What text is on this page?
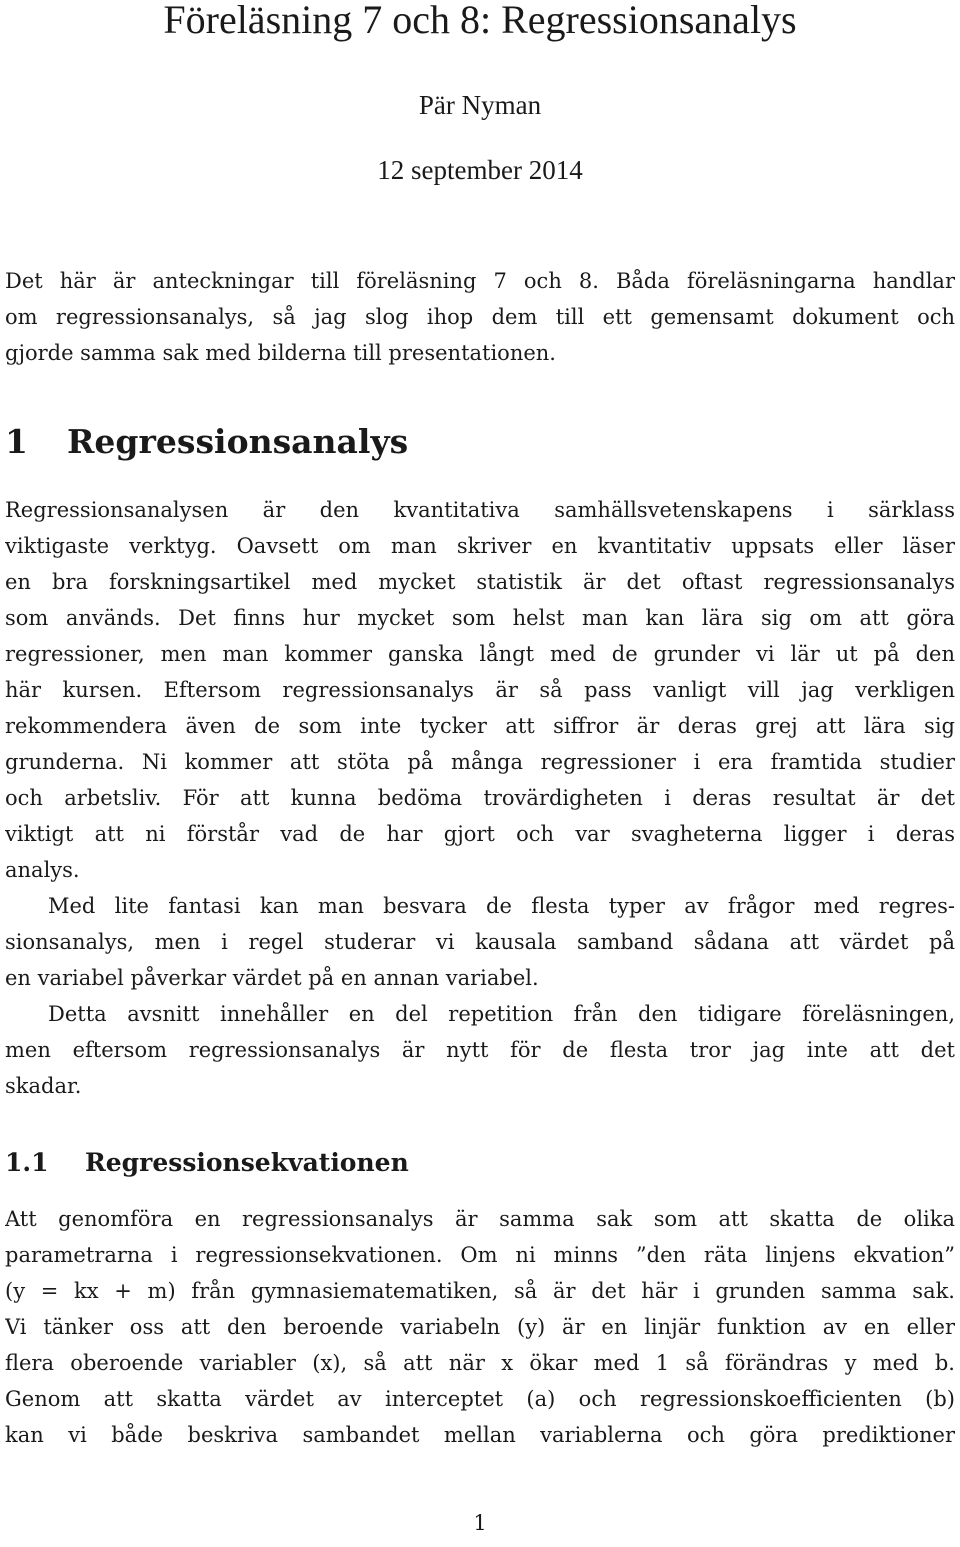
Föreläsning 7 och 8: Regressionsanalys
Pär Nyman
12 september 2014
Det här är anteckningar till föreläsning 7 och 8. Båda föreläsningarna handlar
om regressionsanalys, så jag slog ihop dem till ett gemensamt dokument och
gjorde samma sak med bilderna till presentationen.
1 Regressionsanalys
Regressionsanalysen är den kvantitativa samhällsvetenskapens i särklass
viktigaste verktyg. Oavsett om man skriver en kvantitativ uppsats eller läser
en bra forskningsartikel med mycket statistik är det oftast regressionsanalys
som används. Det finns hur mycket som helst man kan lära sig om att göra
regressioner, men man kommer ganska långt med de grunder vi lär ut på den
här kursen. Eftersom regressionsanalys är så pass vanligt vill jag verkligen
rekommendera även de som inte tycker att siffror är deras grej att lära sig
grunderna. Ni kommer att stöta på många regressioner i era framtida studier
och arbetsliv. För att kunna bedöma trovärdigheten i deras resultat är det
viktigt att ni förstår vad de har gjort och var svagheterna ligger i deras
analys.
Med lite fantasi kan man besvara de flesta typer av frågor med regres-
sionsanalys, men i regel studerar vi kausala samband sådana att värdet på
en variabel påverkar värdet på en annan variabel.
Detta avsnitt innehåller en del repetition från den tidigare föreläsningen,
men eftersom regressionsanalys är nytt för de flesta tror jag inte att det
skadar.
1.1 Regressionsekvationen
Att genomföra en regressionsanalys är samma sak som att skatta de olika
parametrarna i regressionsekvationen. Om ni minns ”den räta linjens ekvation”
(y = kx + m) från gymnasiematematiken, så är det här i grunden samma sak.
Vi tänker oss att den beroende variabeln (y) är en linjär funktion av en eller
flera oberoende variabler (x), så att när x ökar med 1 så förändras y med b.
Genom att skatta värdet av interceptet (a) och regressionskoefficienten (b)
kan vi både beskriva sambandet mellan variablerna och göra prediktioner
1
